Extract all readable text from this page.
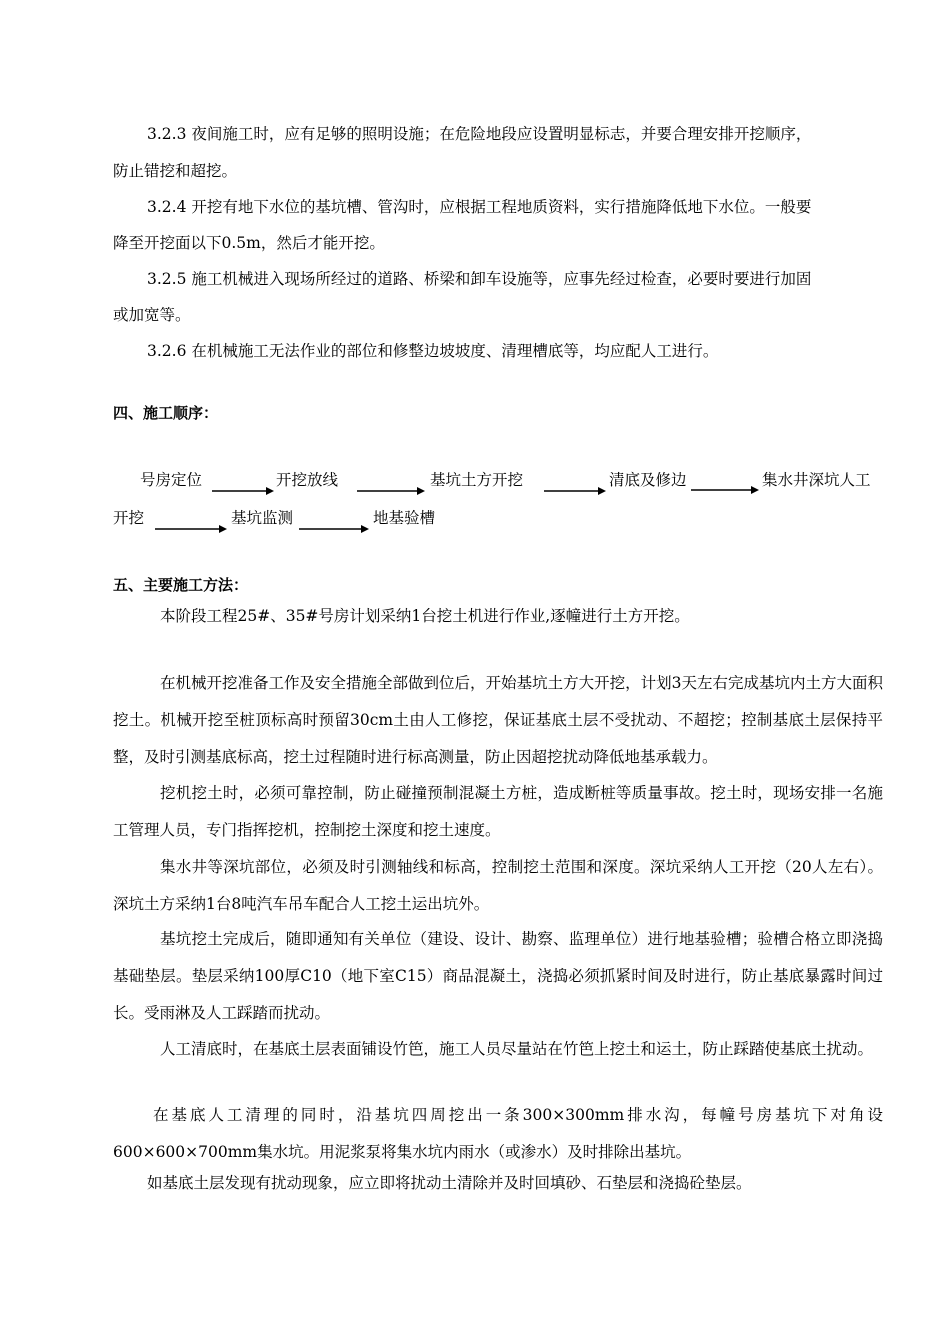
3.2.3 夜间施工时，应有足够的照明设施；在危险地段应设置明显标志，并要合理安排开挖顺序，

防止错挖和超挖。

3.2.4 开挖有地下水位的基坑槽、管沟时，应根据工程地质资料，实行措施降低地下水位。一般要

降至开挖面以下0.5m，然后才能开挖。

3.2.5 施工机械进入现场所经过的道路、桥梁和卸车设施等，应事先经过检查，必要时要进行加固

或加宽等。

3.2.6 在机械施工无法作业的部位和修整边坡坡度、清理槽底等，均应配人工进行。

四、施工顺序：
号房定位	开挖放线	基坑土方开挖	清底及修边	集水井深坑人工
开挖	基坑监测	地基验槽
五、主要施工方法：

本阶段工程25#、35#号房计划采纳1台挖土机进行作业,逐幢进行土方开挖。

在机械开挖准备工作及安全措施全部做到位后，开始基坑土方大开挖，计划3天左右完成基坑内土方大面积挖土。机械开挖至桩顶标高时预留30cm土由人工修挖，保证基底土层不受扰动、不超挖；控制基底土层保持平整，及时引测基底标高，挖土过程随时进行标高测量，防止因超挖扰动降低地基承载力。

挖机挖土时，必须可靠控制，防止碰撞预制混凝土方桩，造成断桩等质量事故。挖土时，现场安排一名施工管理人员，专门指挥挖机，控制挖土深度和挖土速度。

集水井等深坑部位，必须及时引测轴线和标高，控制挖土范围和深度。深坑采纳人工开挖（20人左右）。深坑土方采纳1台8吨汽车吊车配合人工挖土运出坑外。

基坑挖土完成后，随即通知有关单位（建设、设计、勘察、监理单位）进行地基验槽；验槽合格立即浇捣基础垫层。垫层采纳100厚C10（地下室C15）商品混凝土，浇捣必须抓紧时间及时进行，防止基底暴露时间过长。受雨淋及人工踩踏而扰动。

人工清底时，在基底土层表面铺设竹笆，施工人员尽量站在竹笆上挖土和运土，防止踩踏使基底土扰动。

在基底人工清理的同时，沿基坑四周挖出一条300×300mm排水沟，每幢号房基坑下对角设600×600×700mm集水坑。用泥浆泵将集水坑内雨水（或渗水）及时排除出基坑。

如基底土层发现有扰动现象，应立即将扰动土清除并及时回填砂、石垫层和浇捣砼垫层。
